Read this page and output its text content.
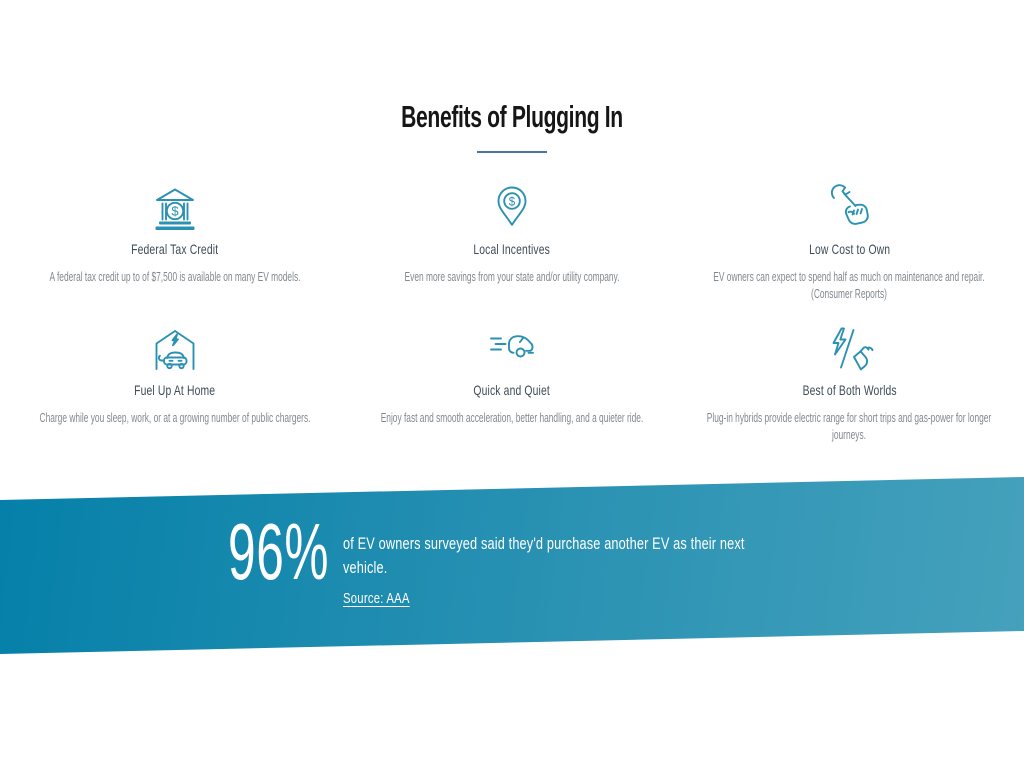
Benefits of Plugging In
$
Federal Tax Credit

A federal tax credit up to of $7,500 is available on many EV models.

$
Local Incentives

Even more savings from your state and/or utility company.

Low Cost to Own

EV owners can expect to spend half as much on maintenance and repair. (Consumer Reports)

Fuel Up At Home

Charge while you sleep, work, or at a growing number of public chargers.

Quick and Quiet

Enjoy fast and smooth acceleration, better handling, and a quieter ride.

Best of Both Worlds

Plug-in hybrids provide electric range for short trips and gas-power for longer journeys.

96% of EV owners surveyed said they'd purchase another EV as their next vehicle.

Source: AAA
